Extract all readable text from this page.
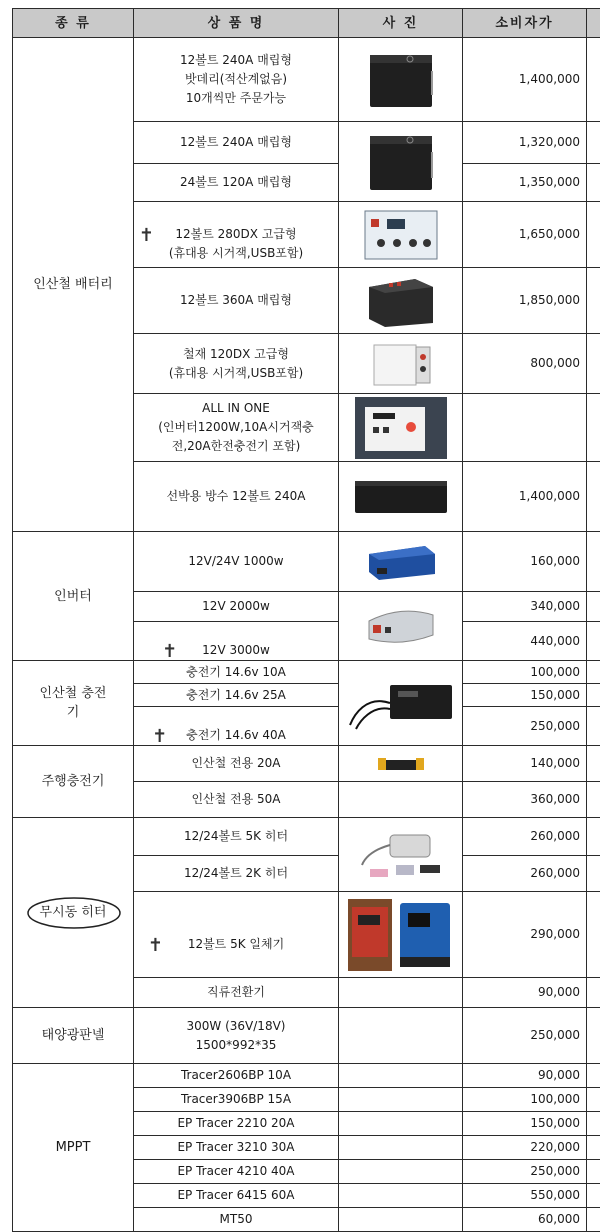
종 류	상 품 명	사 진	소비자가	
인산철 배터리	12볼트 240A 매립형
밧데리(적산계없음)
10개씩만 주문가능		1,400,000	
	12볼트 240A 매립형		1,320,000	
	24볼트 120A 매립형		1,350,000	

	✝ 12볼트 280DX 고급형
(휴대용 시거잭,USB포함)		1,650,000	
	12볼트 360A 매립형		1,850,000	
	철재 120DX 고급형
(휴대용 시거잭,USB포함)		800,000	
	ALL IN ONE
(인버터1200W,10A시거잭충
전,20A한전충전기 포함)			
	선박용 방수 12볼트 240A		1,400,000	
인버터	12V/24V 1000w		160,000	
	12V 2000w		340,000	

	✝ 12V 3000w		440,000	
인산철 충전기	충전기 14.6v 10A		100,000	
	충전기 14.6v 25A		150,000	

	✝ 충전기 14.6v 40A		250,000	
주행충전기	인산철 전용 20A		140,000	
	인산철 전용 50A		360,000	

무시동 히터	12/24볼트 5K 히터		260,000	
	12/24볼트 2K 히터		260,000	

	✝ 12볼트 5K 일체기		290,000	
	직류전환기		90,000	
태양광판넬	300W (36V/18V)
1500*992*35		250,000	
MPPT	Tracer2606BP 10A		90,000	
	Tracer3906BP 15A		100,000	
	EP Tracer 2210 20A		150,000	
	EP Tracer 3210 30A		220,000	
	EP Tracer 4210 40A		250,000	
	EP Tracer 6415 60A		550,000	
	MT50		60,000	
